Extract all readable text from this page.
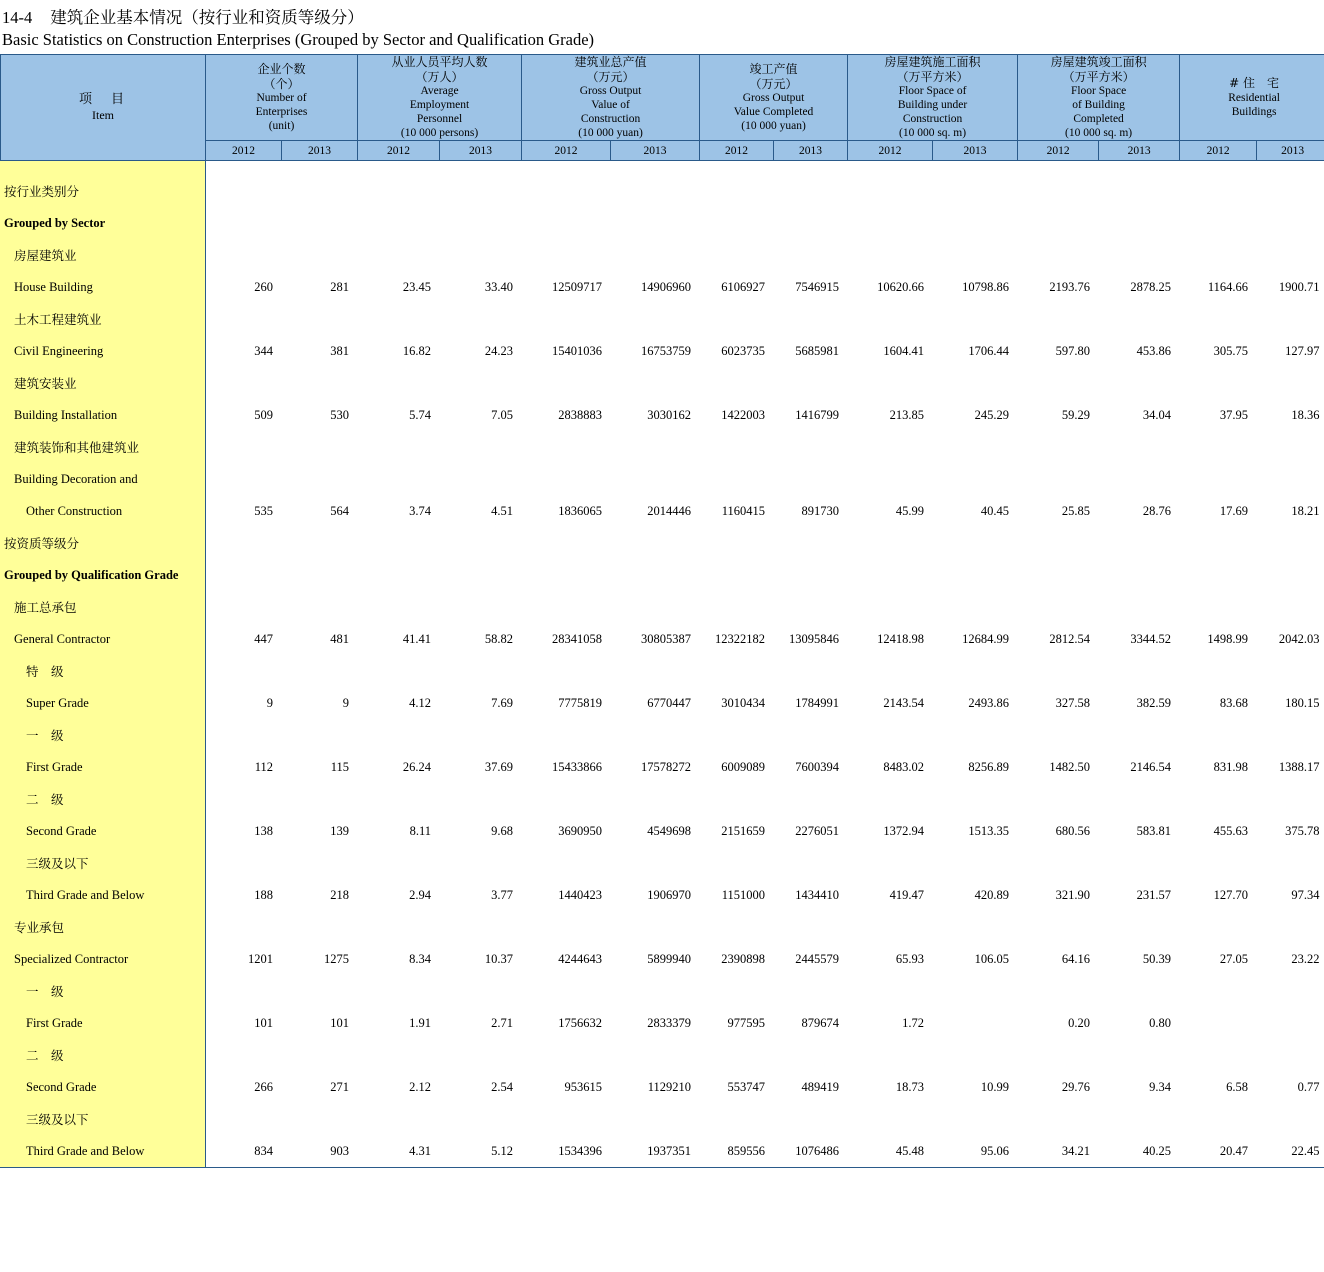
14-4 建筑企业基本情况（按行业和资质等级分）
Basic Statistics on Construction Enterprises (Grouped by Sector and Qualification Grade)
项　目
Item

企业个数
（个）
Number of
Enterprises
(unit)

从业人员平均人数
（万人）
Average
Employment
Personnel
(10 000 persons)

建筑业总产值
（万元）
Gross Output
Value of
Construction
(10 000 yuan)

竣工产值
（万元）
Gross Output
Value Completed
(10 000 yuan)

房屋建筑施工面积
（万平方米）
Floor Space of
Building under
Construction
(10 000 sq. m)

房屋建筑竣工面积
（万平方米）
Floor Space
of Building
Completed
(10 000 sq. m)

# 住　宅
Residential
Buildings

	2012	2013	2012	2013	2012	2013	2012	2013	2012	2013	2012	2013	2012	2013

按行业类别分														
Grouped by Sector														
房屋建筑业														
House Building	260	281	23.45	33.40	12509717	14906960	6106927	7546915	10620.66	10798.86	2193.76	2878.25	1164.66	1900.71
土木工程建筑业														
Civil Engineering	344	381	16.82	24.23	15401036	16753759	6023735	5685981	1604.41	1706.44	597.80	453.86	305.75	127.97
建筑安装业														
Building Installation	509	530	5.74	7.05	2838883	3030162	1422003	1416799	213.85	245.29	59.29	34.04	37.95	18.36
建筑装饰和其他建筑业														
Building Decoration and														
Other Construction	535	564	3.74	4.51	1836065	2014446	1160415	891730	45.99	40.45	25.85	28.76	17.69	18.21
按资质等级分														
Grouped by Qualification Grade														
施工总承包														
General Contractor	447	481	41.41	58.82	28341058	30805387	12322182	13095846	12418.98	12684.99	2812.54	3344.52	1498.99	2042.03
特　级														
Super Grade	9	9	4.12	7.69	7775819	6770447	3010434	1784991	2143.54	2493.86	327.58	382.59	83.68	180.15
一　级														
First Grade	112	115	26.24	37.69	15433866	17578272	6009089	7600394	8483.02	8256.89	1482.50	2146.54	831.98	1388.17
二　级														
Second Grade	138	139	8.11	9.68	3690950	4549698	2151659	2276051	1372.94	1513.35	680.56	583.81	455.63	375.78
三级及以下														
Third Grade and Below	188	218	2.94	3.77	1440423	1906970	1151000	1434410	419.47	420.89	321.90	231.57	127.70	97.34
专业承包														
Specialized Contractor	1201	1275	8.34	10.37	4244643	5899940	2390898	2445579	65.93	106.05	64.16	50.39	27.05	23.22
一　级														
First Grade	101	101	1.91	2.71	1756632	2833379	977595	879674	1.72		0.20	0.80		
二　级														
Second Grade	266	271	2.12	2.54	953615	1129210	553747	489419	18.73	10.99	29.76	9.34	6.58	0.77
三级及以下														
Third Grade and Below	834	903	4.31	5.12	1534396	1937351	859556	1076486	45.48	95.06	34.21	40.25	20.47	22.45
